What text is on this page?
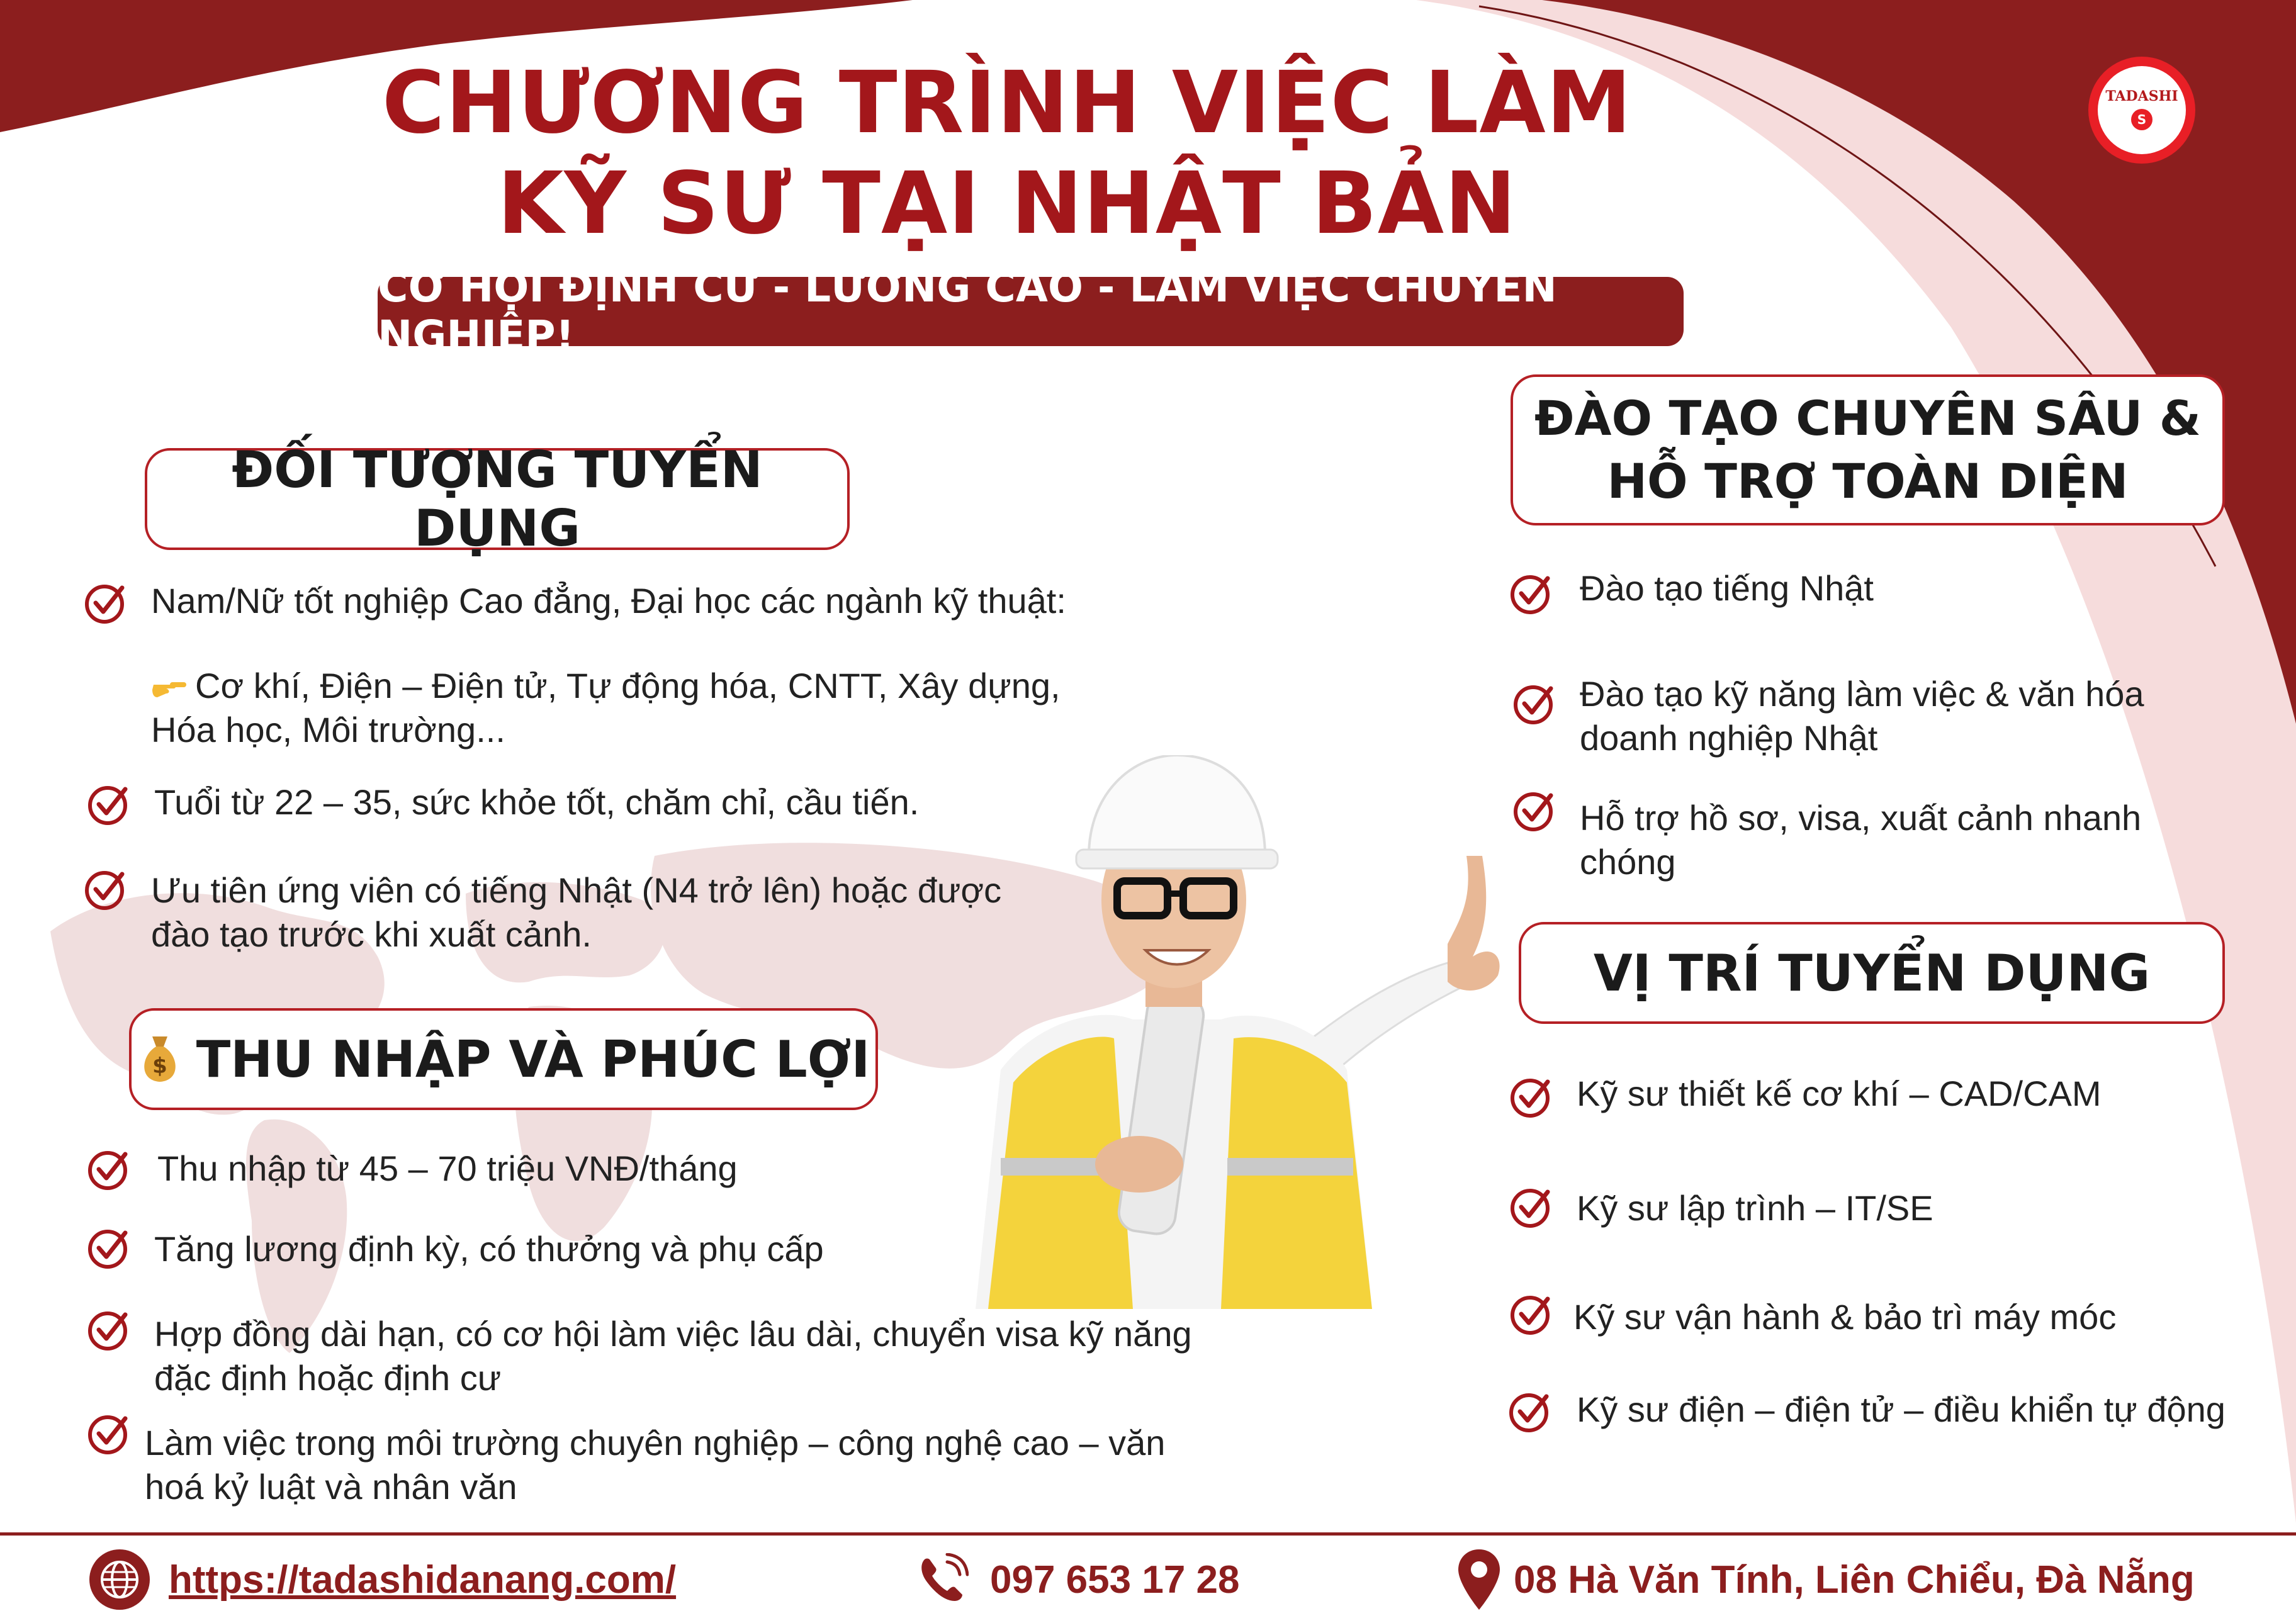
CHƯƠNG TRÌNH VIỆC LÀM
KỸ SƯ TẠI NHẬT BẢN
CƠ HỘI ĐỊNH CƯ - LƯƠNG CAO - LÀM VIỆC CHUYÊN NGHIỆP!
TADASHI
S
ĐỐI TƯỢNG TUYỂN DỤNG
Nam/Nữ tốt nghiệp Cao đẳng, Đại học các ngành kỹ thuật:
Cơ khí, Điện – Điện tử, Tự động hóa, CNTT, Xây dựng,
Hóa học, Môi trường...
Tuổi từ 22 – 35, sức khỏe tốt, chăm chỉ, cầu tiến.
Ưu tiên ứng viên có tiếng Nhật (N4 trở lên) hoặc được
đào tạo trước khi xuất cảnh.
$ THU NHẬP VÀ PHÚC LỢI
Thu nhập từ 45 – 70 triệu VNĐ/tháng
Tăng lương định kỳ, có thưởng và phụ cấp
Hợp đồng dài hạn, có cơ hội làm việc lâu dài, chuyển visa kỹ năng
đặc định hoặc định cư
Làm việc trong môi trường chuyên nghiệp – công nghệ cao – văn
hoá kỷ luật và nhân văn
ĐÀO TẠO CHUYÊN SÂU &
HỖ TRỢ TOÀN DIỆN
Đào tạo tiếng Nhật
Đào tạo kỹ năng làm việc & văn hóa
doanh nghiệp Nhật
Hỗ trợ hồ sơ, visa, xuất cảnh nhanh
chóng
VỊ TRÍ TUYỂN DỤNG
Kỹ sư thiết kế cơ khí – CAD/CAM
Kỹ sư lập trình – IT/SE
Kỹ sư vận hành & bảo trì máy móc
Kỹ sư điện – điện tử – điều khiển tự động
https://tadashidanang.com/	097 653 17 28	08 Hà Văn Tính, Liên Chiểu, Đà Nẵng
